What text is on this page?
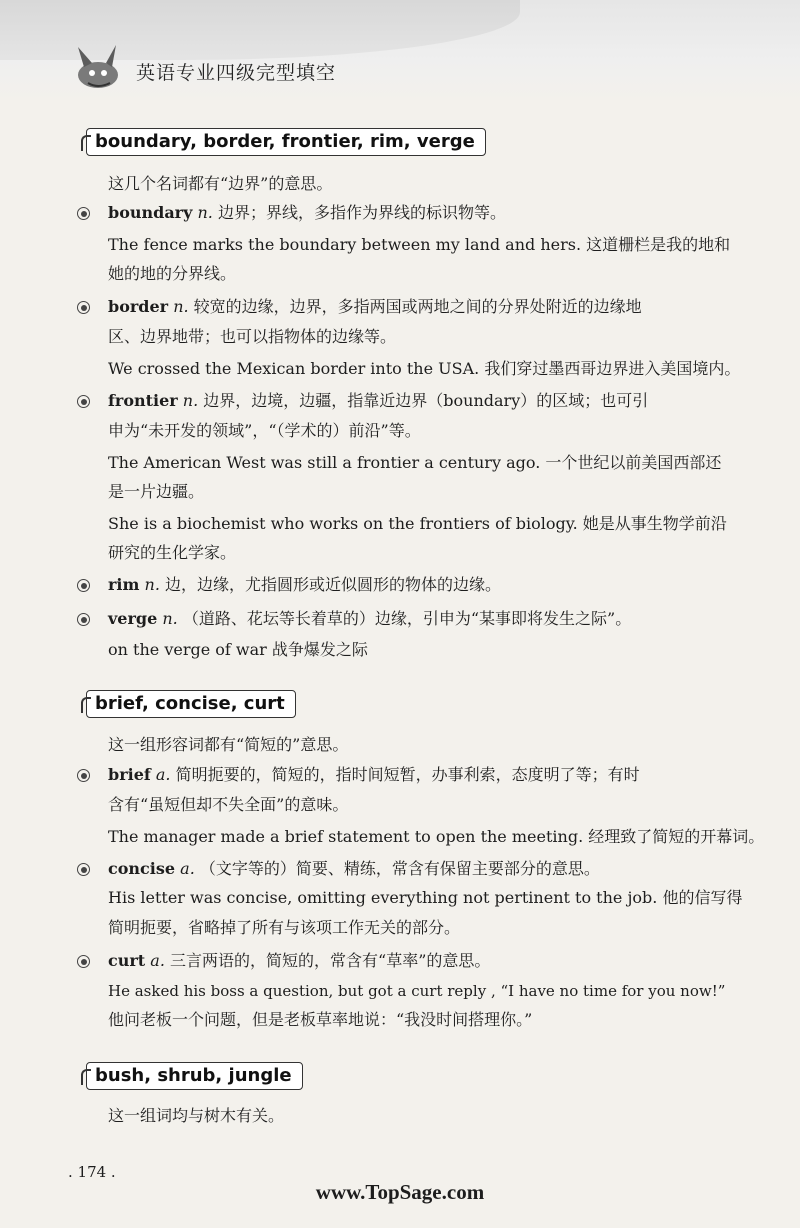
英语专业四级完型填空
boundary, border, frontier, rim, verge
这几个名词都有“边界”的意思。
boundary n. 边界；界线，多指作为界线的标识物等。
The fence marks the boundary between my land and hers. 这道栅栏是我的地和
她的地的分界线。
border n. 较宽的边缘，边界，多指两国或两地之间的分界处附近的边缘地
区、边界地带；也可以指物体的边缘等。
We crossed the Mexican border into the USA. 我们穿过墨西哥边界进入美国境内。
frontier n. 边界，边境，边疆，指靠近边界（boundary）的区域；也可引
申为“未开发的领域”，“（学术的）前沿”等。
The American West was still a frontier a century ago. 一个世纪以前美国西部还
是一片边疆。
She is a biochemist who works on the frontiers of biology. 她是从事生物学前沿
研究的生化学家。
rim n. 边，边缘，尤指圆形或近似圆形的物体的边缘。
verge n. （道路、花坛等长着草的）边缘，引申为“某事即将发生之际”。
on the verge of war 战争爆发之际
brief, concise, curt
这一组形容词都有“简短的”意思。
brief a. 简明扼要的，简短的，指时间短暂，办事利索，态度明了等；有时
含有“虽短但却不失全面”的意味。
The manager made a brief statement to open the meeting. 经理致了简短的开幕词。
concise a. （文字等的）简要、精练，常含有保留主要部分的意思。
His letter was concise, omitting everything not pertinent to the job. 他的信写得
简明扼要，省略掉了所有与该项工作无关的部分。
curt a. 三言两语的，简短的，常含有“草率”的意思。
He asked his boss a question, but got a curt reply , “I have no time for you now!”
他问老板一个问题，但是老板草率地说：“我没时间搭理你。”
bush, shrub, jungle
这一组词均与树木有关。
. 174 .
www.TopSage.com
